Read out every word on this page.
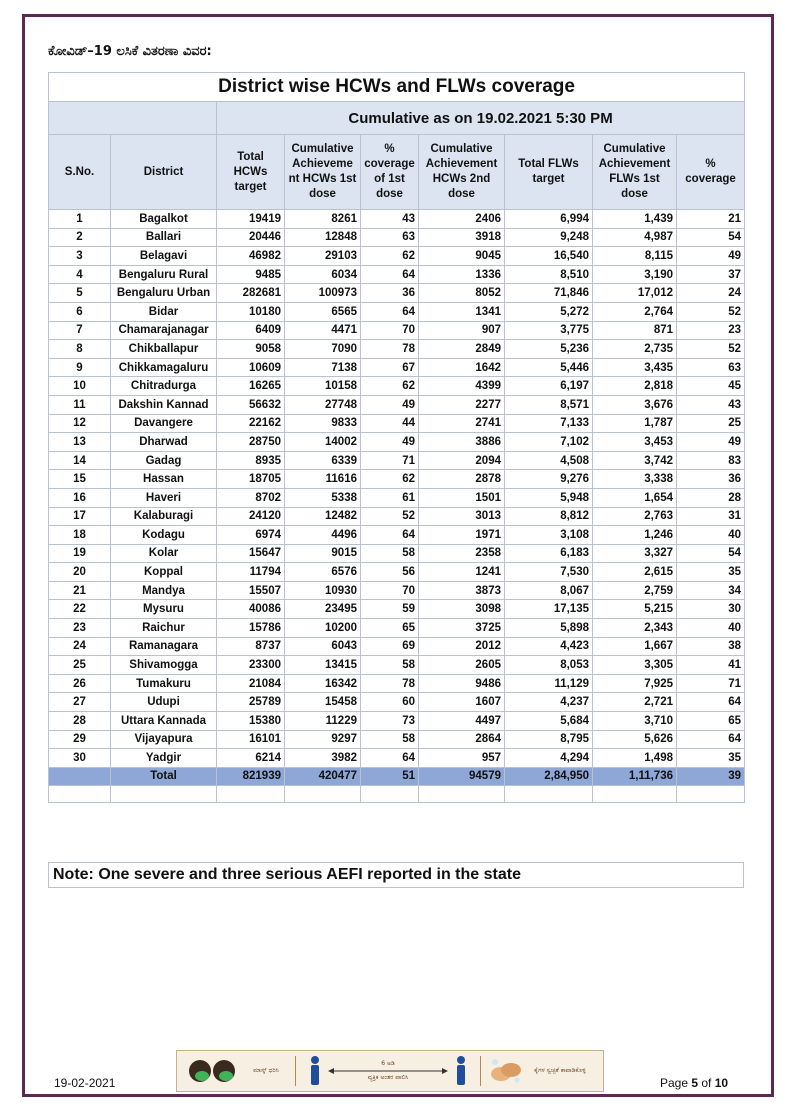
ಕೋವಿಡ್–19 ಲಸಿಕೆ ವಿತರಣಾ ವಿವರ:
District wise HCWs and FLWs coverage								
		Cumulative as on 19.02.2021 5:30 PM						
S.No.	District	Total HCWs target	Cumulative Achieveme nt HCWs 1st dose	% coverage of 1st dose	Cumulative Achievement HCWs 2nd dose	Total FLWs target	Cumulative Achievement FLWs 1st dose	% coverage
1	Bagalkot	19419	8261	43	2406	6,994	1,439	21
2	Ballari	20446	12848	63	3918	9,248	4,987	54
3	Belagavi	46982	29103	62	9045	16,540	8,115	49
4	Bengaluru Rural	9485	6034	64	1336	8,510	3,190	37
5	Bengaluru Urban	282681	100973	36	8052	71,846	17,012	24
6	Bidar	10180	6565	64	1341	5,272	2,764	52
7	Chamarajanagar	6409	4471	70	907	3,775	871	23
8	Chikballapur	9058	7090	78	2849	5,236	2,735	52
9	Chikkamagaluru	10609	7138	67	1642	5,446	3,435	63
10	Chitradurga	16265	10158	62	4399	6,197	2,818	45
11	Dakshin Kannad	56632	27748	49	2277	8,571	3,676	43
12	Davangere	22162	9833	44	2741	7,133	1,787	25
13	Dharwad	28750	14002	49	3886	7,102	3,453	49
14	Gadag	8935	6339	71	2094	4,508	3,742	83
15	Hassan	18705	11616	62	2878	9,276	3,338	36
16	Haveri	8702	5338	61	1501	5,948	1,654	28
17	Kalaburagi	24120	12482	52	3013	8,812	2,763	31
18	Kodagu	6974	4496	64	1971	3,108	1,246	40
19	Kolar	15647	9015	58	2358	6,183	3,327	54
20	Koppal	11794	6576	56	1241	7,530	2,615	35
21	Mandya	15507	10930	70	3873	8,067	2,759	34
22	Mysuru	40086	23495	59	3098	17,135	5,215	30
23	Raichur	15786	10200	65	3725	5,898	2,343	40
24	Ramanagara	8737	6043	69	2012	4,423	1,667	38
25	Shivamogga	23300	13415	58	2605	8,053	3,305	41
26	Tumakuru	21084	16342	78	9486	11,129	7,925	71
27	Udupi	25789	15458	60	1607	4,237	2,721	64
28	Uttara Kannada	15380	11229	73	4497	5,684	3,710	65
29	Vijayapura	16101	9297	58	2864	8,795	5,626	64
30	Yadgir	6214	3982	64	957	4,294	1,498	35
	Total	821939	420477	51	94579	2,84,950	1,11,736	39

Note: One severe and three serious AEFI reported in the state
19-02-2021
ಮಾಸ್ಕ್ ಧರಿಸಿ
6 ಅಡಿ
ವ್ಯಕ್ತಿಕ ಅಂತರ ಪಾಲಿಸಿ
ಕೈಗಳ ಸ್ವಚ್ಛತೆ ಕಾಪಾಡಿಕೊಳ್ಳಿ
Page 5 of 10
